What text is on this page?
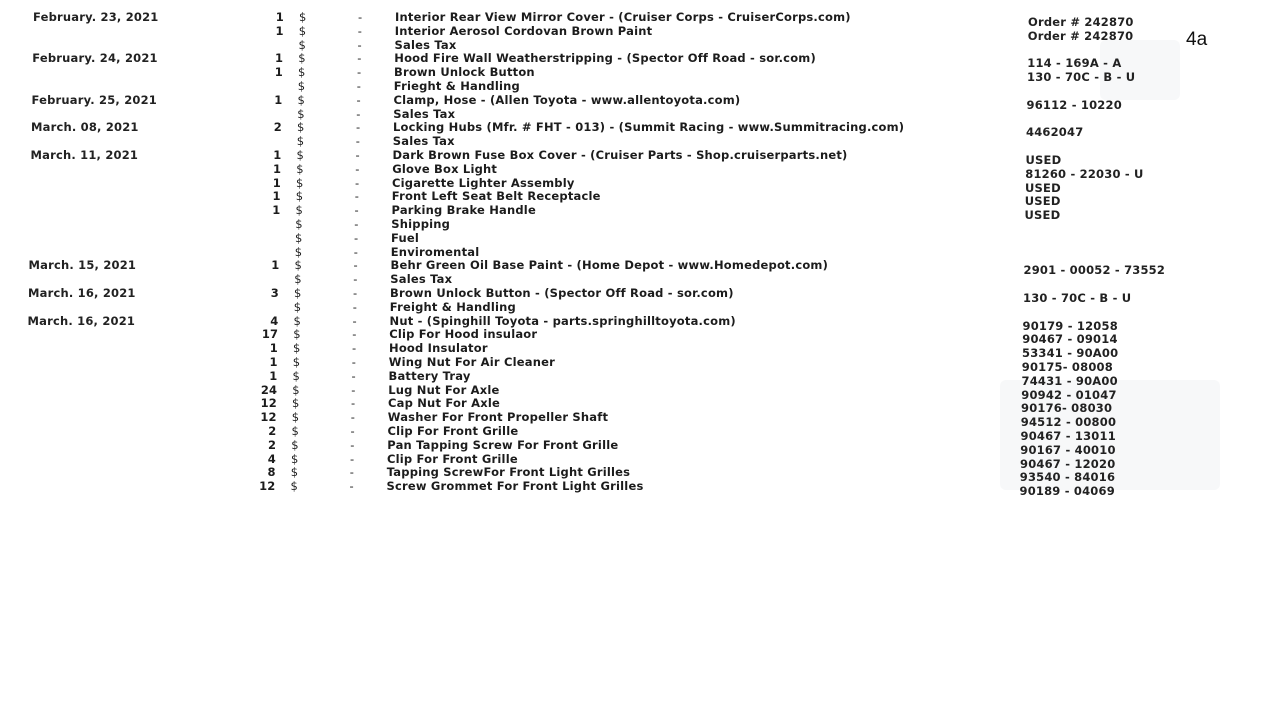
February. 23, 2021	1 $	-	Interior Rear View Mirror Cover - (Cruiser Corps - CruiserCorps.com)	Order # 242870
1 $	-	Interior Aerosol Cordovan Brown Paint	Order # 242870
$	-	Sales Tax
February. 24, 2021	1 $	-	Hood Fire Wall Weatherstripping - (Spector Off Road - sor.com)	114 - 169A - A
1 $	-	Brown Unlock Button	130 - 70C - B - U
$	-	Frieght & Handling
February. 25, 2021	1 $	-	Clamp, Hose - (Allen Toyota - www.allentoyota.com)	96112 - 10220
$	-	Sales Tax
March. 08, 2021	2 $	-	Locking Hubs (Mfr. # FHT - 013) - (Summit Racing - www.Summitracing.com)	4462047
$	-	Sales Tax
March. 11, 2021	1 $	-	Dark Brown Fuse Box Cover - (Cruiser Parts - Shop.cruiserparts.net)	USED
1 $	-	Glove Box Light	81260 - 22030 - U
1 $	-	Cigarette Lighter Assembly	USED
1 $	-	Front Left Seat Belt Receptacle	USED
1 $	-	Parking Brake Handle	USED
$	-	Shipping
$	-	Fuel
$	-	Enviromental
March. 15, 2021	1 $	-	Behr Green Oil Base Paint - (Home Depot - www.Homedepot.com)	2901 - 00052 - 73552
$	-	Sales Tax
March. 16, 2021	3 $	-	Brown Unlock Button - (Spector Off Road - sor.com)	130 - 70C - B - U
$	-	Freight & Handling
March. 16, 2021	4 $	-	Nut - (Spinghill Toyota - parts.springhilltoyota.com)	90179 - 12058
17 $	-	Clip For Hood insulaor	90467 - 09014
1 $	-	Hood Insulator	53341 - 90A00
1 $	-	Wing Nut For Air Cleaner	90175- 08008
1 $	-	Battery Tray	74431 - 90A00
24 $	-	Lug Nut For Axle	90942 - 01047
12 $	-	Cap Nut For Axle	90176- 08030
12 $	-	Washer For Front Propeller Shaft	94512 - 00800
2 $	-	Clip For Front Grille	90467 - 13011
2 $	-	Pan Tapping Screw For Front Grille	90167 - 40010
4 $	-	Clip For Front Grille	90467 - 12020
8 $	-	Tapping ScrewFor Front Light Grilles	93540 - 84016
12 $	-	Screw Grommet For Front Light Grilles	90189 - 04069
4a
